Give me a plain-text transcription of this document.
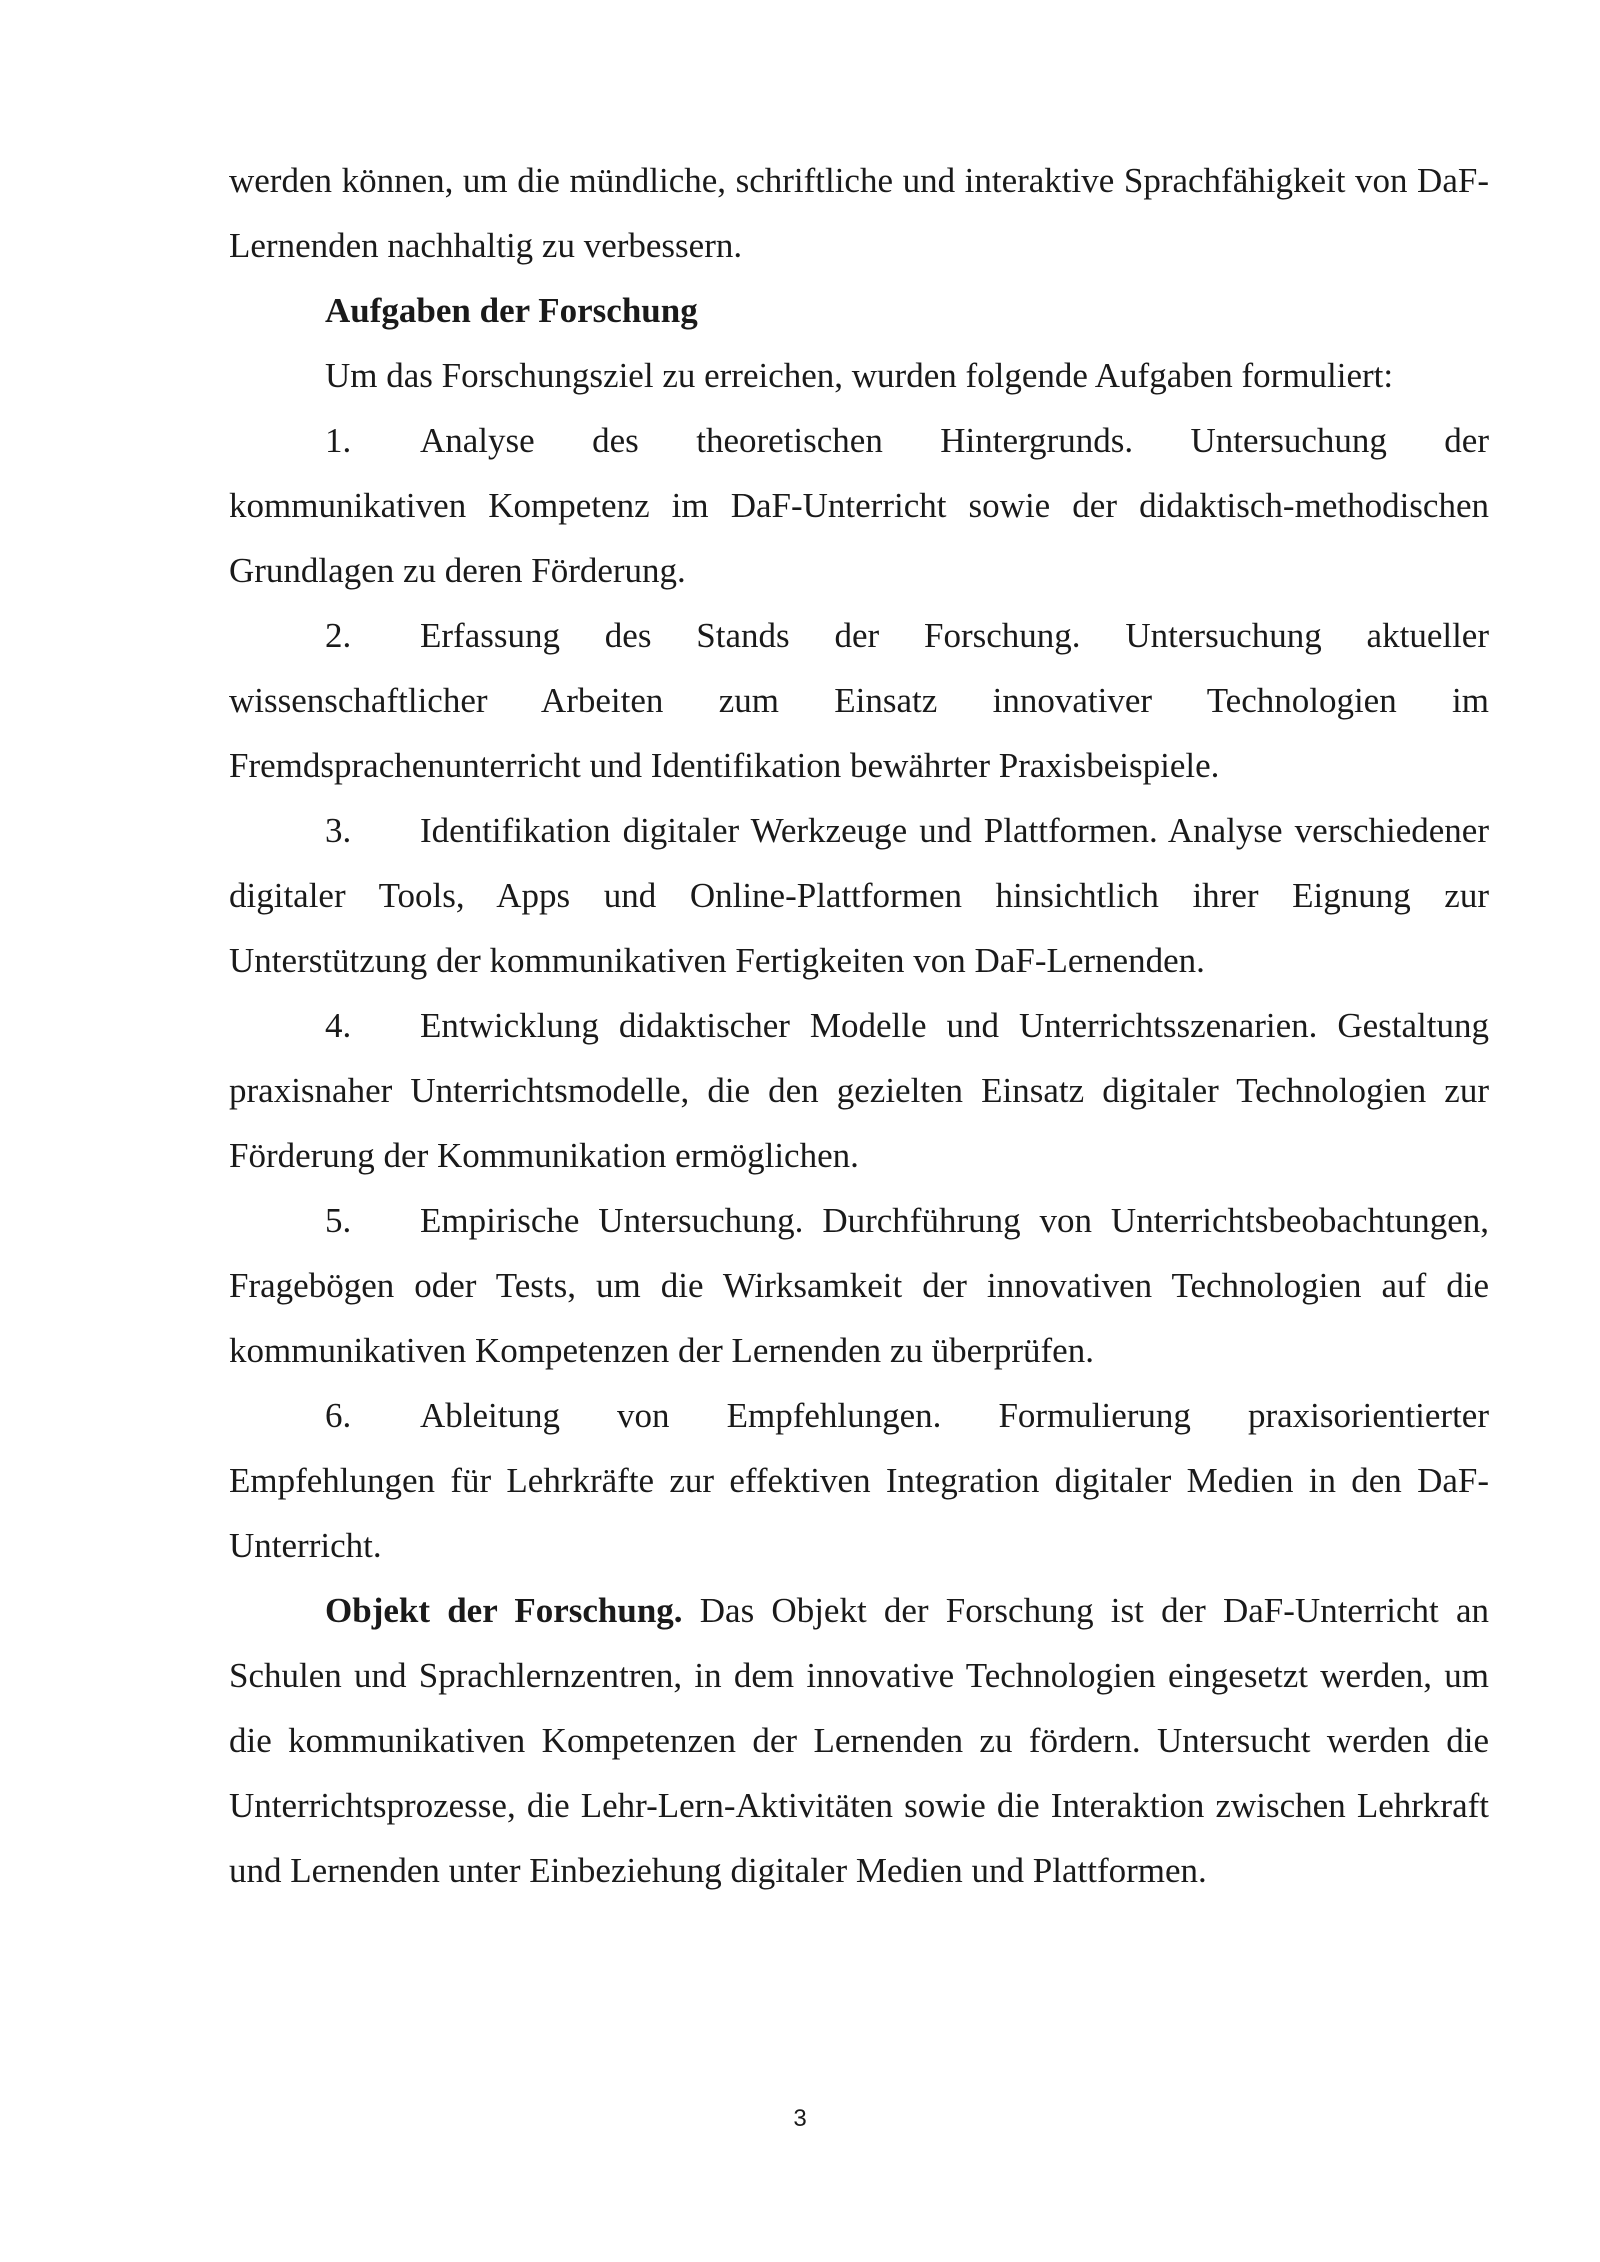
werden können, um die mündliche, schriftliche und interaktive Sprachfähigkeit von DaF-Lernenden nachhaltig zu verbessern.

Aufgaben der Forschung

Um das Forschungsziel zu erreichen, wurden folgende Aufgaben formuliert:

1. Analyse des theoretischen Hintergrunds. Untersuchung der kommunikativen Kompetenz im DaF-Unterricht sowie der didaktisch-methodischen Grundlagen zu deren Förderung.

2. Erfassung des Stands der Forschung. Untersuchung aktueller wissenschaftlicher Arbeiten zum Einsatz innovativer Technologien im Fremdsprachenunterricht und Identifikation bewährter Praxisbeispiele.

3. Identifikation digitaler Werkzeuge und Plattformen. Analyse verschiedener digitaler Tools, Apps und Online-Plattformen hinsichtlich ihrer Eignung zur Unterstützung der kommunikativen Fertigkeiten von DaF-Lernenden.

4. Entwicklung didaktischer Modelle und Unterrichtsszenarien. Gestaltung praxisnaher Unterrichtsmodelle, die den gezielten Einsatz digitaler Technologien zur Förderung der Kommunikation ermöglichen.

5. Empirische Untersuchung. Durchführung von Unterrichtsbeobachtungen, Fragebögen oder Tests, um die Wirksamkeit der innovativen Technologien auf die kommunikativen Kompetenzen der Lernenden zu überprüfen.

6. Ableitung von Empfehlungen. Formulierung praxisorientierter Empfehlungen für Lehrkräfte zur effektiven Integration digitaler Medien in den DaF-Unterricht.

Objekt der Forschung. Das Objekt der Forschung ist der DaF-Unterricht an Schulen und Sprachlernzentren, in dem innovative Technologien eingesetzt werden, um die kommunikativen Kompetenzen der Lernenden zu fördern. Untersucht werden die Unterrichtsprozesse, die Lehr-Lern-Aktivitäten sowie die Interaktion zwischen Lehrkraft und Lernenden unter Einbeziehung digitaler Medien und Plattformen.

3
